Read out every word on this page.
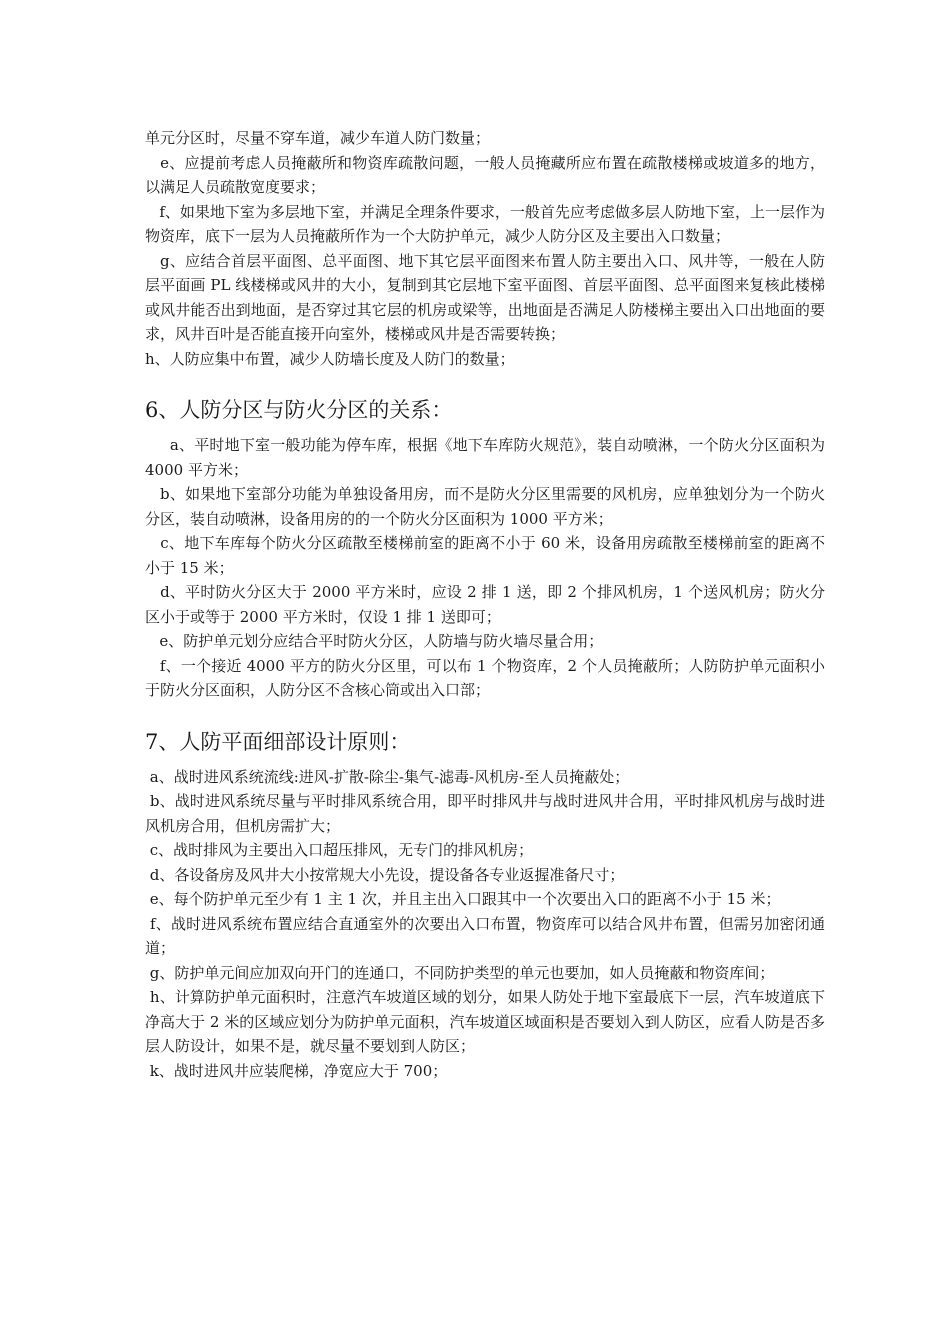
单元分区时，尽量不穿车道，减少车道人防门数量；

e、应提前考虑人员掩蔽所和物资库疏散问题，一般人员掩藏所应布置在疏散楼梯或坡道多的地方，以满足人员疏散宽度要求；

f、如果地下室为多层地下室，并满足全理条件要求，一般首先应考虑做多层人防地下室，上一层作为物资库，底下一层为人员掩蔽所作为一个大防护单元，减少人防分区及主要出入口数量；

g、应结合首层平面图、总平面图、地下其它层平面图来布置人防主要出入口、风井等，一般在人防层平面画 PL 线楼梯或风井的大小，复制到其它层地下室平面图、首层平面图、总平面图来复核此楼梯或风井能否出到地面，是否穿过其它层的机房或梁等，出地面是否满足人防楼梯主要出入口出地面的要求，风井百叶是否能直接开向室外，楼梯或风井是否需要转换；

h、人防应集中布置，减少人防墙长度及人防门的数量；

6、人防分区与防火分区的关系：

a、平时地下室一般功能为停车库，根据《地下车库防火规范》，装自动喷淋，一个防火分区面积为 4000 平方米；

b、如果地下室部分功能为单独设备用房，而不是防火分区里需要的风机房，应单独划分为一个防火分区，装自动喷淋，设备用房的的一个防火分区面积为 1000 平方米；

c、地下车库每个防火分区疏散至楼梯前室的距离不小于 60 米，设备用房疏散至楼梯前室的距离不小于 15 米；

d、平时防火分区大于 2000 平方米时，应设 2 排 1 送，即 2 个排风机房，1 个送风机房；防火分区小于或等于 2000 平方米时，仅设 1 排 1 送即可；

e、防护单元划分应结合平时防火分区，人防墙与防火墙尽量合用；

f、一个接近 4000 平方的防火分区里，可以布 1 个物资库，2 个人员掩蔽所；人防防护单元面积小于防火分区面积，人防分区不含核心筒或出入口部；

7、人防平面细部设计原则：

a、战时进风系统流线:进风-扩散-除尘-集气-滤毒-风机房-至人员掩蔽处；

b、战时进风系统尽量与平时排风系统合用，即平时排风井与战时进风井合用，平时排风机房与战时进风机房合用，但机房需扩大；

c、战时排风为主要出入口超压排风，无专门的排风机房；

d、各设备房及风井大小按常规大小先设，提设备各专业返握准备尺寸；

e、每个防护单元至少有 1 主 1 次，并且主出入口跟其中一个次要出入口的距离不小于 15 米；

f、战时进风系统布置应结合直通室外的次要出入口布置，物资库可以结合风井布置，但需另加密闭通道；

g、防护单元间应加双向开门的连通口，不同防护类型的单元也要加，如人员掩蔽和物资库间；

h、计算防护单元面积时，注意汽车坡道区域的划分，如果人防处于地下室最底下一层，汽车坡道底下净高大于 2 米的区域应划分为防护单元面积，汽车坡道区域面积是否要划入到人防区，应看人防是否多层人防设计，如果不是，就尽量不要划到人防区；

k、战时进风井应装爬梯，净宽应大于 700；
